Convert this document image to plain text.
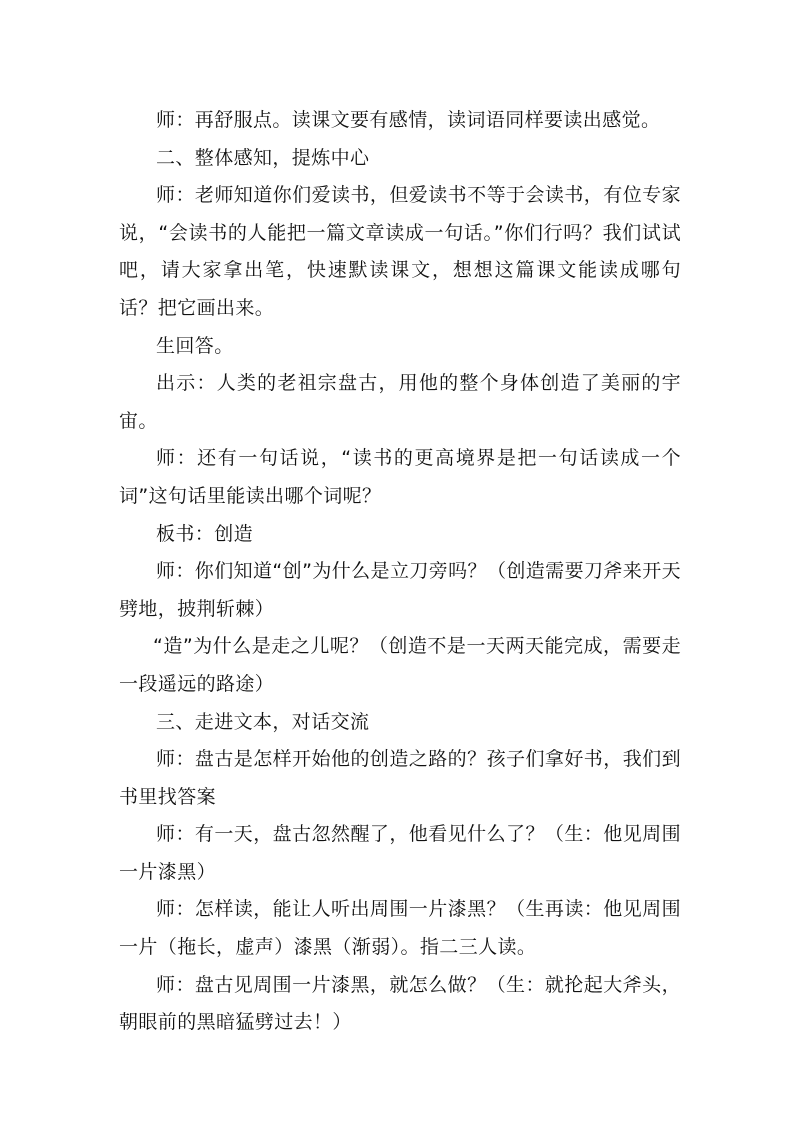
师：再舒服点。读课文要有感情，读词语同样要读出感觉。

二、整体感知，提炼中心

师：老师知道你们爱读书，但爱读书不等于会读书，有位专家说，“会读书的人能把一篇文章读成一句话。”你们行吗？我们试试吧，请大家拿出笔，快速默读课文，想想这篇课文能读成哪句话？把它画出来。

生回答。

出示：人类的老祖宗盘古，用他的整个身体创造了美丽的宇宙。

师：还有一句话说，“读书的更高境界是把一句话读成一个词”这句话里能读出哪个词呢？

板书：创造

师：你们知道“创”为什么是立刀旁吗？（创造需要刀斧来开天劈地，披荆斩棘）

“造”为什么是走之儿呢？（创造不是一天两天能完成，需要走一段遥远的路途）

三、走进文本，对话交流

师：盘古是怎样开始他的创造之路的？孩子们拿好书，我们到书里找答案

师：有一天，盘古忽然醒了，他看见什么了？（生：他见周围一片漆黑）

师：怎样读，能让人听出周围一片漆黑？（生再读：他见周围一片（拖长，虚声）漆黑（渐弱）。指二三人读。

师：盘古见周围一片漆黑，就怎么做？（生：就抡起大斧头，朝眼前的黑暗猛劈过去！）
